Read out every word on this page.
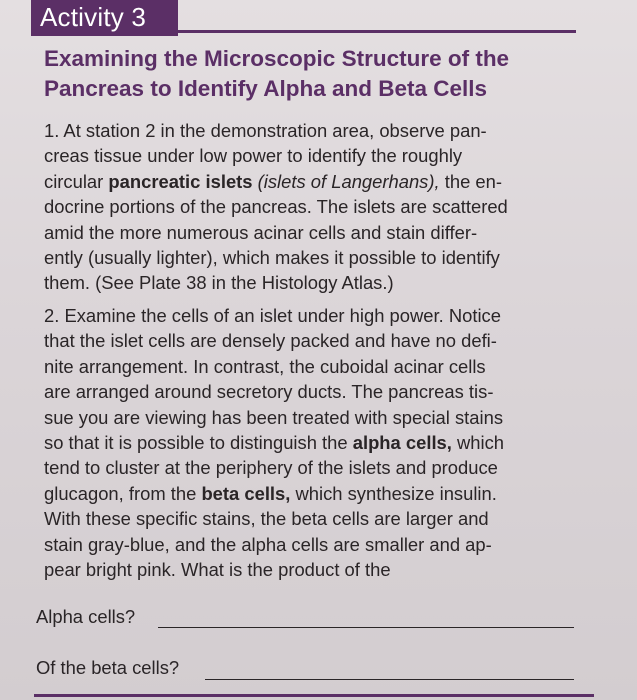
Activity 3
Examining the Microscopic Structure of the
Pancreas to Identify Alpha and Beta Cells
1. At station 2 in the demonstration area, observe pan-
creas tissue under low power to identify the roughly
circular pancreatic islets (islets of Langerhans), the en-
docrine portions of the pancreas. The islets are scattered
amid the more numerous acinar cells and stain differ-
ently (usually lighter), which makes it possible to identify
them. (See Plate 38 in the Histology Atlas.)
2. Examine the cells of an islet under high power. Notice
that the islet cells are densely packed and have no defi-
nite arrangement. In contrast, the cuboidal acinar cells
are arranged around secretory ducts. The pancreas tis-
sue you are viewing has been treated with special stains
so that it is possible to distinguish the alpha cells, which
tend to cluster at the periphery of the islets and produce
glucagon, from the beta cells, which synthesize insulin.
With these specific stains, the beta cells are larger and
stain gray-blue, and the alpha cells are smaller and ap-
pear bright pink. What is the product of the
Alpha cells?
Of the beta cells?
